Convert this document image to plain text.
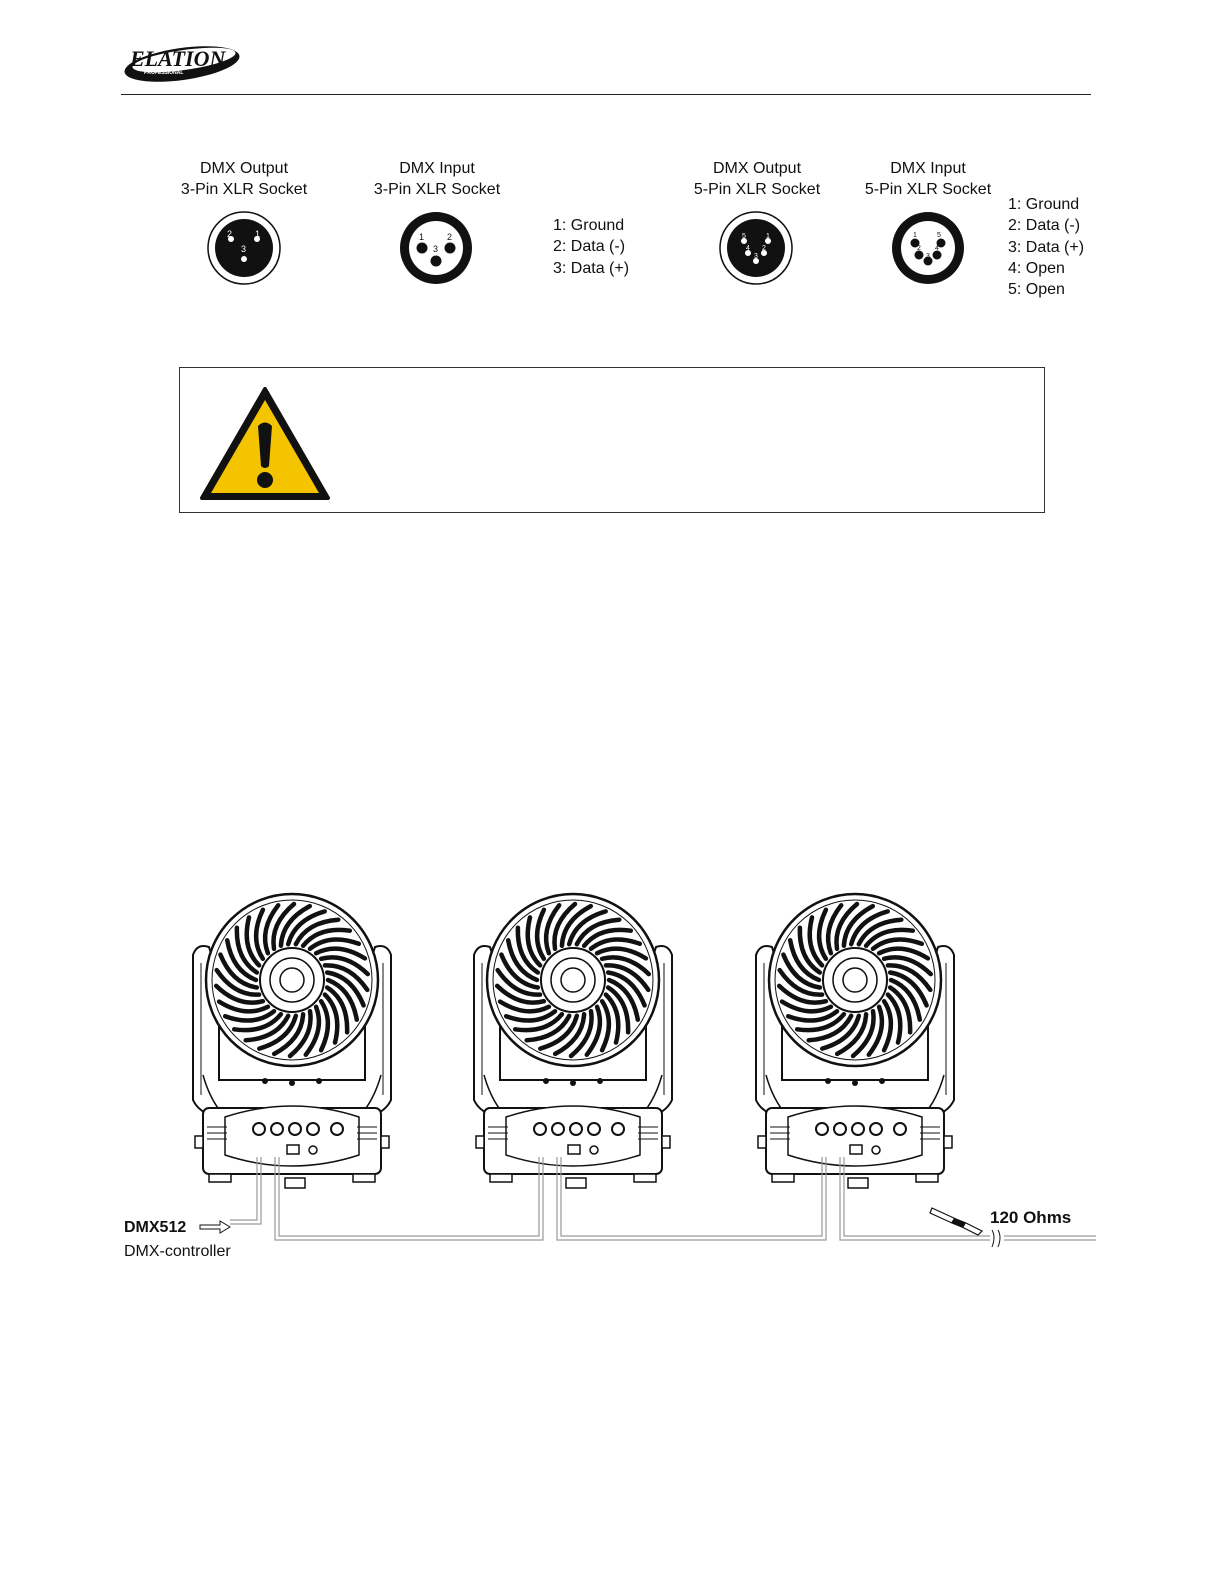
ELATION
PROFESSIONAL
DMX Output
3-Pin XLR Socket
DMX Input
3-Pin XLR Socket
DMX Output
5-Pin XLR Socket
DMX Input
5-Pin XLR Socket
2	1
3
1	2
3
5	1
4 2
3
1	5
2 4
3
1: Ground
2: Data (-)
3: Data (+)
1: Ground
2: Data (-)
3: Data (+)
4: Open
5: Open
DMX512
DMX-controller
120 Ohms
